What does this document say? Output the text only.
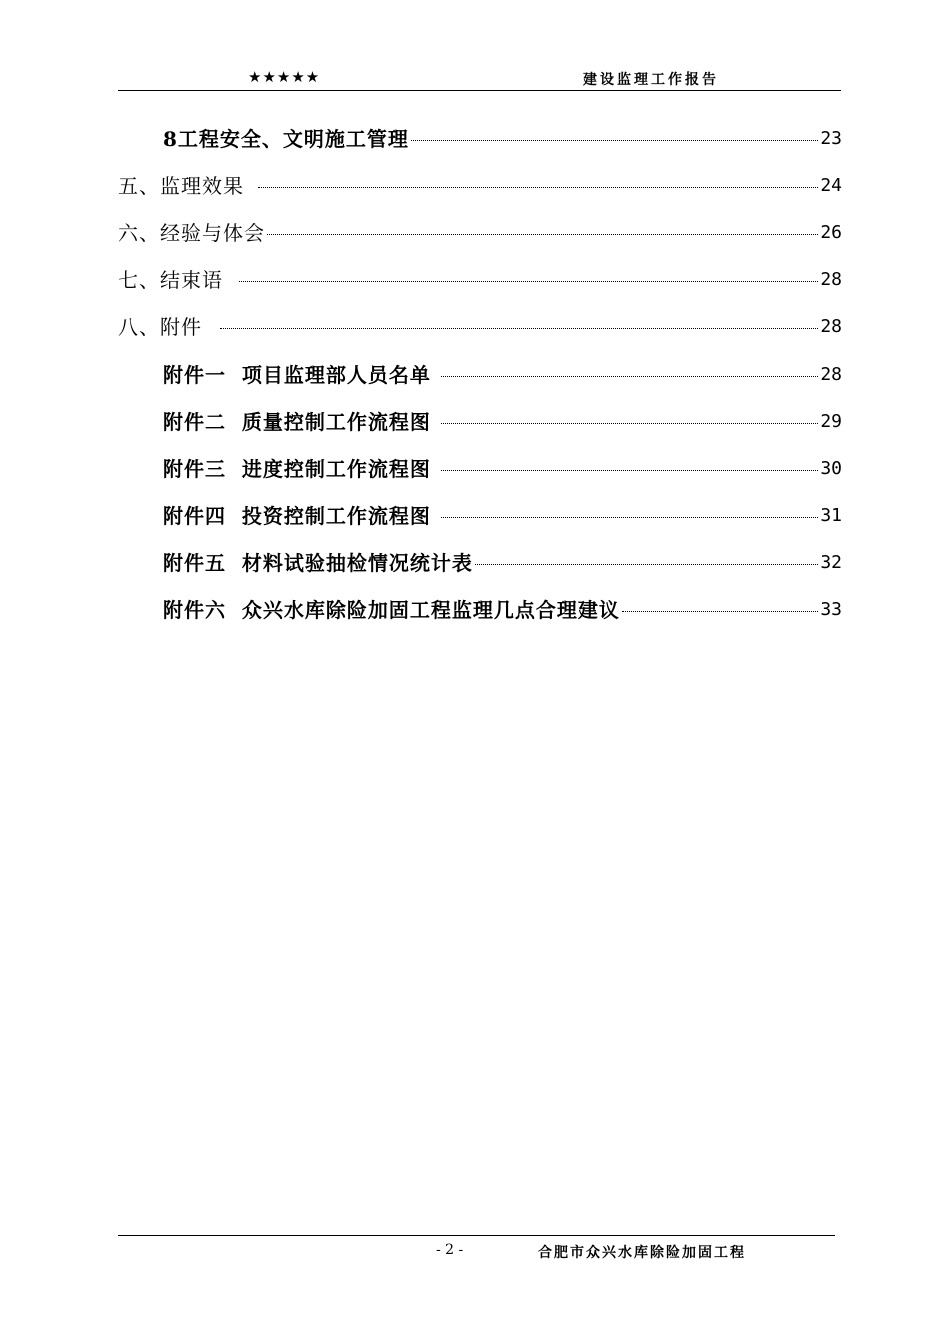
★★★★★	建设监理工作报告
8工程安全、文明施工管理	23
五、监理效果	24
六、经验与体会	26
七、结束语	28
八、附件	28
附件一  项目监理部人员名单	28
附件二  质量控制工作流程图	29
附件三  进度控制工作流程图	30
附件四  投资控制工作流程图	31
附件五  材料试验抽检情况统计表	32
附件六  众兴水库除险加固工程监理几点合理建议	33
- 2 -	合肥市众兴水库除险加固工程
